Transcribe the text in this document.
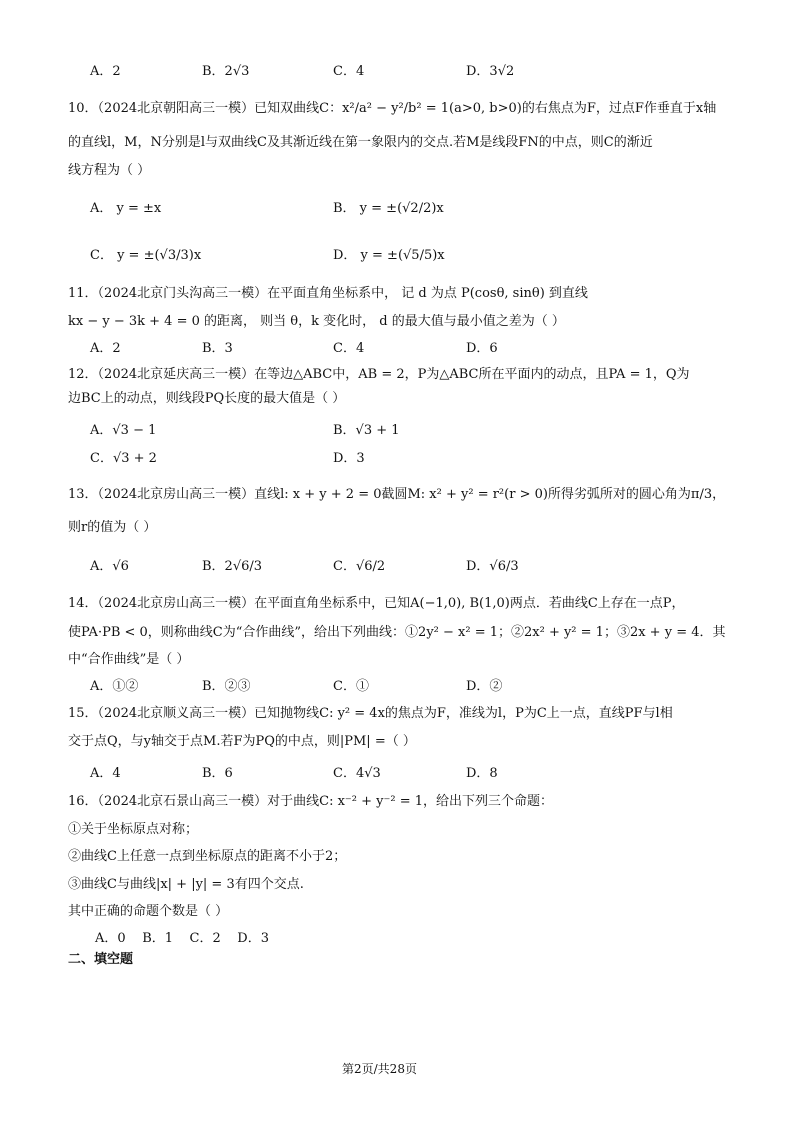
A．2	B．2√3	C．4	D．3√2
10．（2024北京朝阳高三一模）已知双曲线C：x²/a² − y²/b² = 1(a>0, b>0)的右焦点为F，过点F作垂直于x轴
的直线l，M，N分别是l与双曲线C及其渐近线在第一象限内的交点.若M是线段FN的中点，则C的渐近
线方程为（ ）
A． y = ±x	B． y = ±(√2/2)x
C． y = ±(√3/3)x	D． y = ±(√5/5)x
11．（2024北京门头沟高三一模）在平面直角坐标系中， 记 d 为点 P(cosθ, sinθ) 到直线
kx − y − 3k + 4 = 0 的距离， 则当 θ，k 变化时， d 的最大值与最小值之差为（ ）
A．2	B．3	C．4	D．6
12．（2024北京延庆高三一模）在等边△ABC中，AB = 2，P为△ABC所在平面内的动点，且PA = 1，Q为
边BC上的动点，则线段PQ长度的最大值是（ ）
A．√3 − 1	B．√3 + 1
C．√3 + 2	D．3
13．（2024北京房山高三一模）直线l: x + y + 2 = 0截圆M: x² + y² = r²(r > 0)所得劣弧所对的圆心角为π/3，
则r的值为（ ）
A．√6	B．2√6/3	C．√6/2	D．√6/3
14．（2024北京房山高三一模）在平面直角坐标系中，已知A(−1,0), B(1,0)两点．若曲线C上存在一点P，
使PA·PB < 0，则称曲线C为“合作曲线”，给出下列曲线：①2y² − x² = 1；②2x² + y² = 1；③2x + y = 4．其
中“合作曲线”是（ ）
A．①②	B．②③	C．①	D．②
15．（2024北京顺义高三一模）已知抛物线C: y² = 4x的焦点为F，准线为l，P为C上一点，直线PF与l相
交于点Q，与y轴交于点M.若F为PQ的中点，则|PM| =（ ）
A．4	B．6	C．4√3	D．8
16．（2024北京石景山高三一模）对于曲线C: x⁻² + y⁻² = 1，给出下列三个命题：
①关于坐标原点对称；
②曲线C上任意一点到坐标原点的距离不小于2；
③曲线C与曲线|x| + |y| = 3有四个交点.
其中正确的命题个数是（ ）
A．0    B．1    C．2    D．3
二、填空题
第2页/共28页
